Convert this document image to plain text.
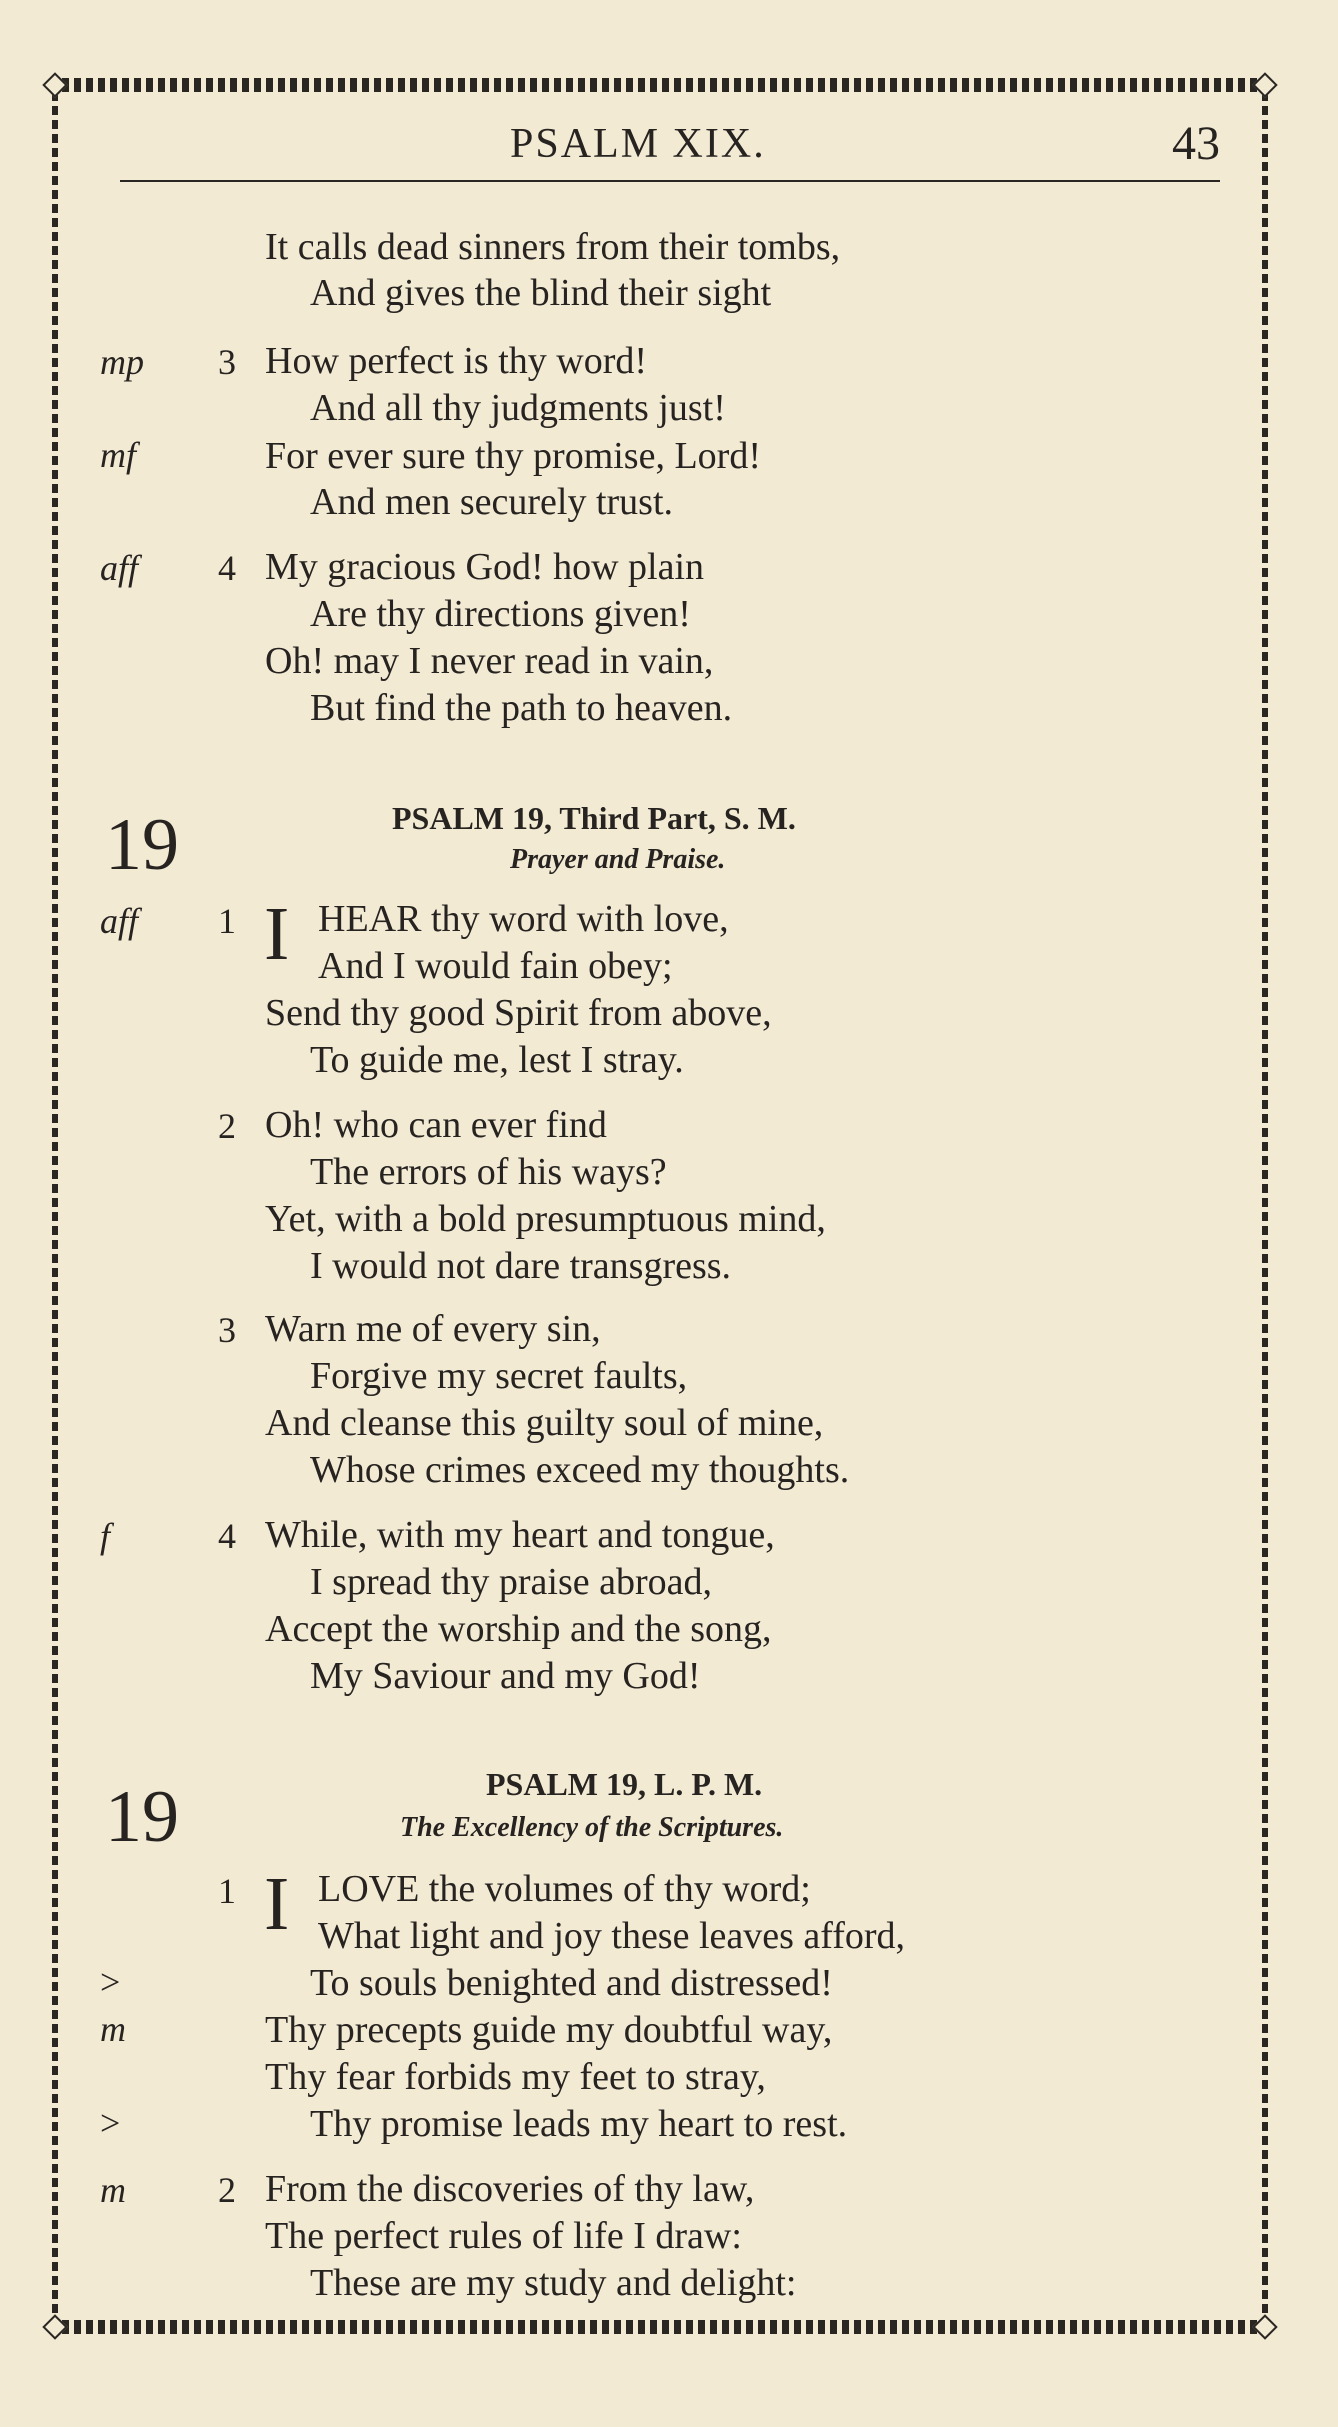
PSALM XIX.	43
It calls dead sinners from their tombs,
And gives the blind their sight
mp 3 How perfect is thy word!
And all thy judgments just!
mf	For ever sure thy promise, Lord!
And men securely trust.
aff 4 My gracious God! how plain
Are thy directions given!
Oh! may I never read in vain,
But find the path to heaven.
19	PSALM 19, Third Part, S. M.
Prayer and Praise.
aff 1 I HEAR thy word with love,
And I would fain obey;
Send thy good Spirit from above,
To guide me, lest I stray.
2 Oh! who can ever find
The errors of his ways?
Yet, with a bold presumptuous mind,
I would not dare transgress.
3 Warn me of every sin,
Forgive my secret faults,
And cleanse this guilty soul of mine,
Whose crimes exceed my thoughts.
f	4 While, with my heart and tongue,
I spread thy praise abroad,
Accept the worship and the song,
My Saviour and my God!
19	PSALM 19, L. P. M.
The Excellency of the Scriptures.
1 I LOVE the volumes of thy word;
What light and joy these leaves afford,
>	To souls benighted and distressed!
m	Thy precepts guide my doubtful way,
Thy fear forbids my feet to stray,
>	Thy promise leads my heart to rest.
m	2 From the discoveries of thy law,
The perfect rules of life I draw:
These are my study and delight:
